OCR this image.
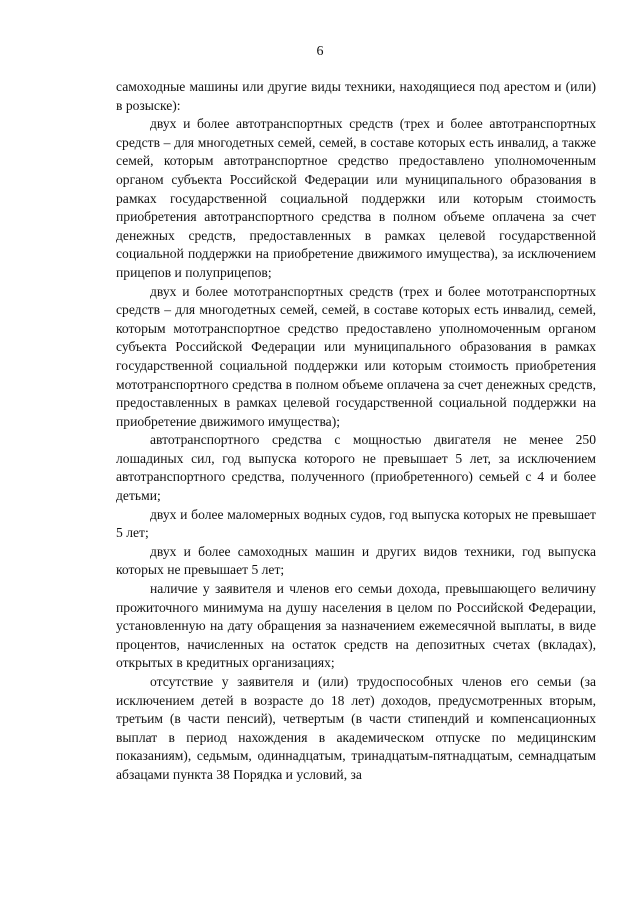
6

самоходные машины или другие виды техники, находящиеся под арестом и (или) в розыске):

двух и более автотранспортных средств (трех и более автотранспортных средств – для многодетных семей, семей, в составе которых есть инвалид, а также семей, которым автотранспортное средство предоставлено уполномоченным органом субъекта Российской Федерации или муниципального образования в рамках государственной социальной поддержки или которым стоимость приобретения автотранспортного средства в полном объеме оплачена за счет денежных средств, предоставленных в рамках целевой государственной социальной поддержки на приобретение движимого имущества), за исключением прицепов и полуприцепов;

двух и более мототранспортных средств (трех и более мототранспортных средств – для многодетных семей, семей, в составе которых есть инвалид, семей, которым мототранспортное средство предоставлено уполномоченным органом субъекта Российской Федерации или муниципального образования в рамках государственной социальной поддержки или которым стоимость приобретения мототранспортного средства в полном объеме оплачена за счет денежных средств, предоставленных в рамках целевой государственной социальной поддержки на приобретение движимого имущества);

автотранспортного средства с мощностью двигателя не менее 250 лошадиных сил, год выпуска которого не превышает 5 лет, за исключением автотранспортного средства, полученного (приобретенного) семьей с 4 и более детьми;

двух и более маломерных водных судов, год выпуска которых не превышает 5 лет;

двух и более самоходных машин и других видов техники, год выпуска которых не превышает 5 лет;

наличие у заявителя и членов его семьи дохода, превышающего величину прожиточного минимума на душу населения в целом по Российской Федерации, установленную на дату обращения за назначением ежемесячной выплаты, в виде процентов, начисленных на остаток средств на депозитных счетах (вкладах), открытых в кредитных организациях;

отсутствие у заявителя и (или) трудоспособных членов его семьи (за исключением детей в возрасте до 18 лет) доходов, предусмотренных вторым, третьим (в части пенсий), четвертым (в части стипендий и компенсационных выплат в период нахождения в академическом отпуске по медицинским показаниям), седьмым, одиннадцатым, тринадцатым-пятнадцатым, семнадцатым абзацами пункта 38 Порядка и условий, за
